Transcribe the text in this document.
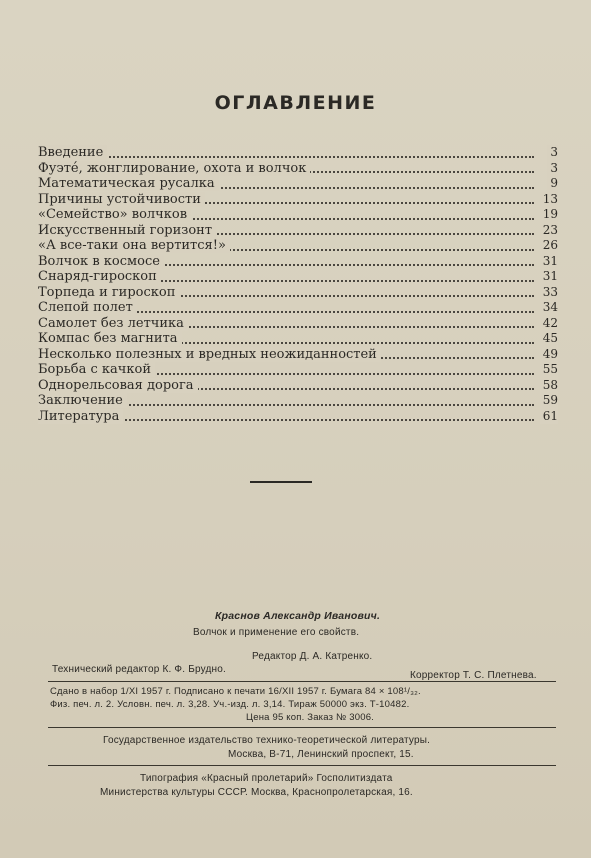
ОГЛАВЛЕНИЕ
Введение	3
Фуэтé, жонглирование, охота и волчок	3
Математическая русалка	9
Причины устойчивости	13
«Семейство» волчков	19
Искусственный горизонт	23
«А все-таки она вертится!»	26
Волчок в космосе	31
Снаряд-гироскоп	31
Торпеда и гироскоп	33
Слепой полет	34
Самолет без летчика	42
Компас без магнита	45
Несколько полезных и вредных неожиданностей	49
Борьба с качкой	55
Однорельсовая дорога	58
Заключение	59
Литература	61
Краснов Александр Иванович.
Волчок и применение его свойств.
Редактор Д. А. Катренко.
Технический редактор К. Ф. Брудно.
Корректор Т. С. Плетнева.
Сдано в набор 1/XI 1957 г. Подписано к печати 16/XII 1957 г. Бумага 84 × 108¹/₃₂.
Физ. печ. л. 2. Условн. печ. л. 3,28. Уч.-изд. л. 3,14. Тираж 50000 экз. Т-10482.
Цена 95 коп. Заказ № 3006.
Государственное издательство технико-теоретической литературы.
Москва, В-71, Ленинский проспект, 15.
Типография «Красный пролетарий» Госполитиздата
Министерства культуры СССР. Москва, Краснопролетарская, 16.
